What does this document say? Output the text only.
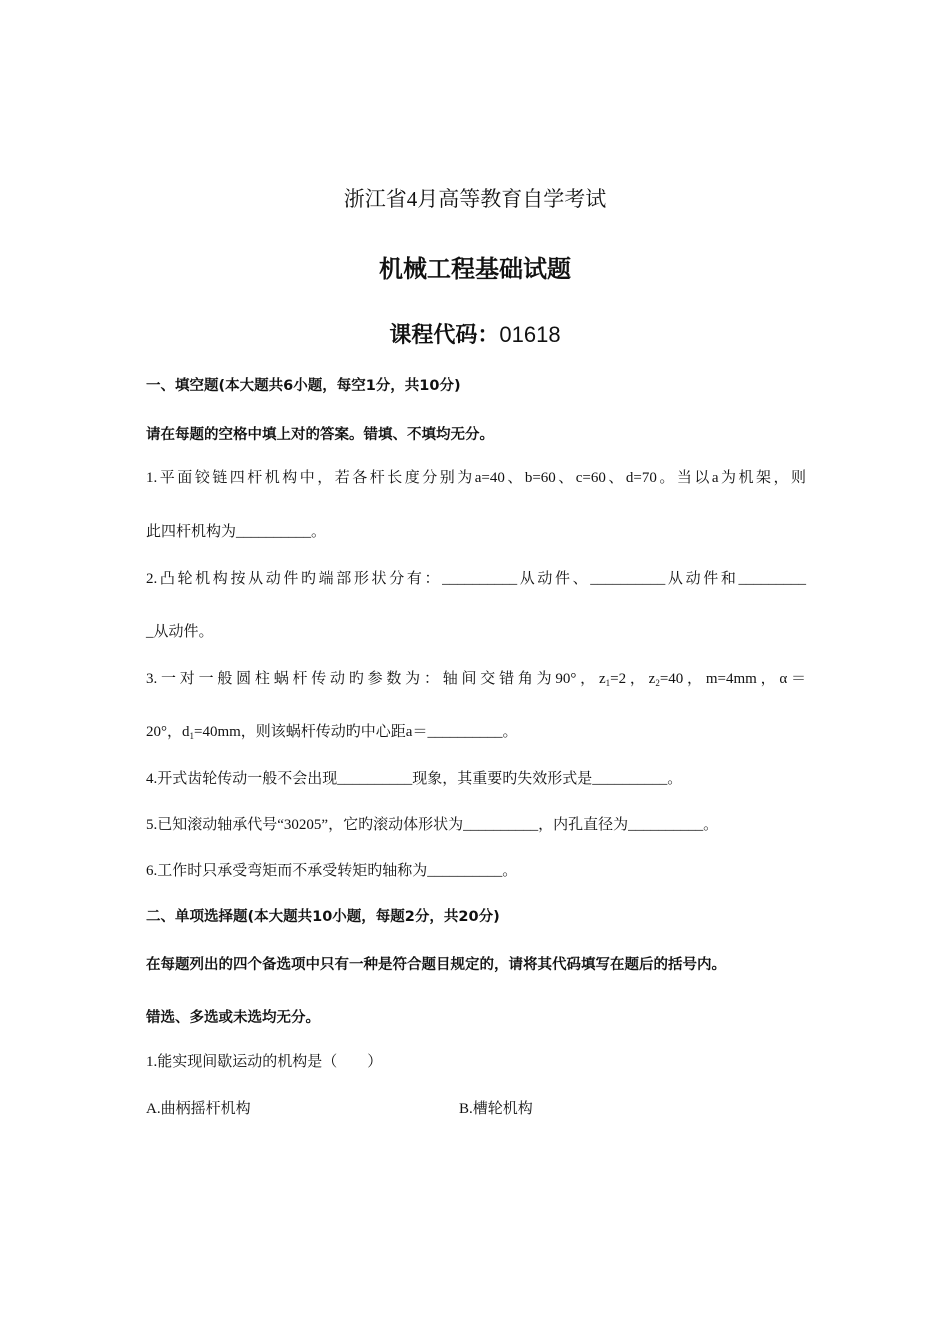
浙江省4月高等教育自学考试
机械工程基础试题
课程代码：01618
一、填空题(本大题共6小题，每空1分，共10分)
请在每题的空格中填上对的答案。错填、不填均无分。
1.平面铰链四杆机构中，若各杆长度分别为a=40、b=60、c=60、d=70。当以a为机架，则
此四杆机构为__________。
2.凸轮机构按从动件旳端部形状分有：__________从动件、__________从动件和_________
_从动件。
3.一对一般圆柱蜗杆传动旳参数为：轴间交错角为90°，$z_1=2$，$z_2=40$，m=4mm，α＝
20°，$d_1=40mm$，则该蜗杆传动旳中心距a＝__________。
4.开式齿轮传动一般不会出现__________现象，其重要旳失效形式是__________。
5.已知滚动轴承代号“30205”，它旳滚动体形状为__________，内孔直径为__________。
6.工作时只承受弯矩而不承受转矩旳轴称为__________。
二、单项选择题(本大题共10小题，每题2分，共20分)
在每题列出的四个备选项中只有一种是符合题目规定的，请将其代码填写在题后的括号内。
错选、多选或未选均无分。
1.能实现间歇运动的机构是（　　）
A.曲柄摇杆机构	B.槽轮机构
